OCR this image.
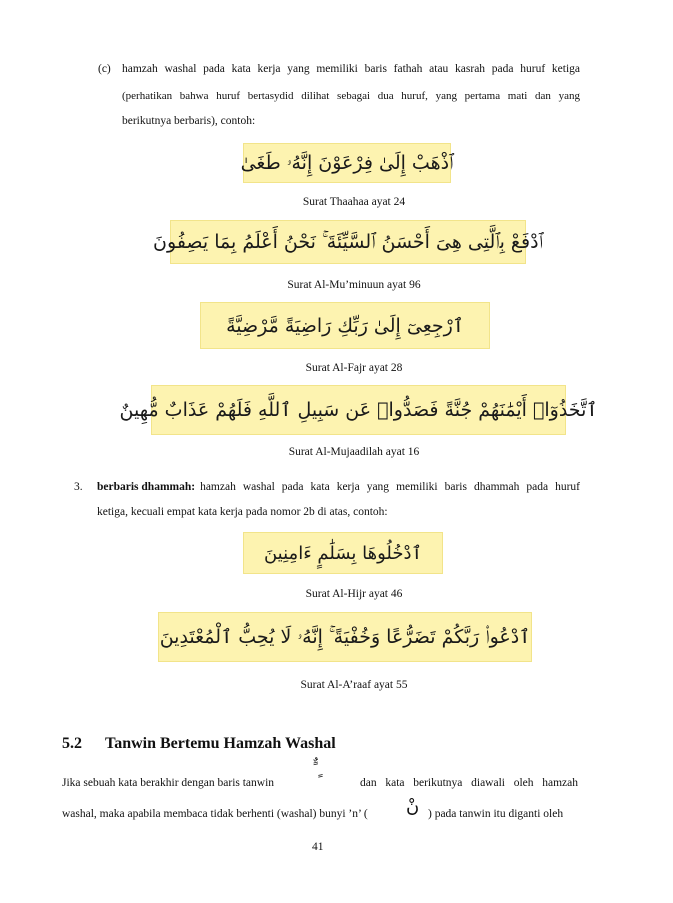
(c) hamzah washal pada kata kerja yang memiliki baris fathah atau kasrah pada huruf ketiga
(perhatikan bahwa huruf bertasydid dilihat sebagai dua huruf, yang pertama mati dan yang
berikutnya berbaris), contoh:
ٱذْهَبْ إِلَىٰ فِرْعَوْنَ إِنَّهُۥ طَغَىٰ
Surat Thaahaa ayat 24
ٱدْفَعْ بِٱلَّتِى هِىَ أَحْسَنُ ٱلسَّيِّئَةَ ۚ نَحْنُ أَعْلَمُ بِمَا يَصِفُونَ
Surat Al-Mu’minuun ayat 96
ٱرْجِعِىٓ إِلَىٰ رَبِّكِ رَاضِيَةً مَّرْضِيَّةً
Surat Al-Fajr ayat 28
ٱتَّخَذُوٓا۟ أَيْمَٰنَهُمْ جُنَّةً فَصَدُّوا۟ عَن سَبِيلِ ٱللَّهِ فَلَهُمْ عَذَابٌ مُّهِينٌ
Surat Al-Mujaadilah ayat 16
3. berbaris dhammah: hamzah washal pada kata kerja yang memiliki baris dhammah pada huruf
ketiga, kecuali empat kata kerja pada nomor 2b di atas, contoh:
ٱدْخُلُوهَا بِسَلَٰمٍ ءَامِنِينَ
Surat Al-Hijr ayat 46
ٱدْعُوا۟ رَبَّكُمْ تَضَرُّعًا وَخُفْيَةً ۚ إِنَّهُۥ لَا يُحِبُّ ٱلْمُعْتَدِينَ
Surat Al-A’raaf ayat 55
5.2 Tanwin Bertemu Hamzah Washal
Jika sebuah kata berakhir dengan baris tanwin
ٌ ً ٍ
dan kata berikutnya diawali oleh hamzah
washal, maka apabila membaca tidak berhenti (washal) bunyi ’n’ ( نْ ) pada tanwin itu diganti oleh
41
